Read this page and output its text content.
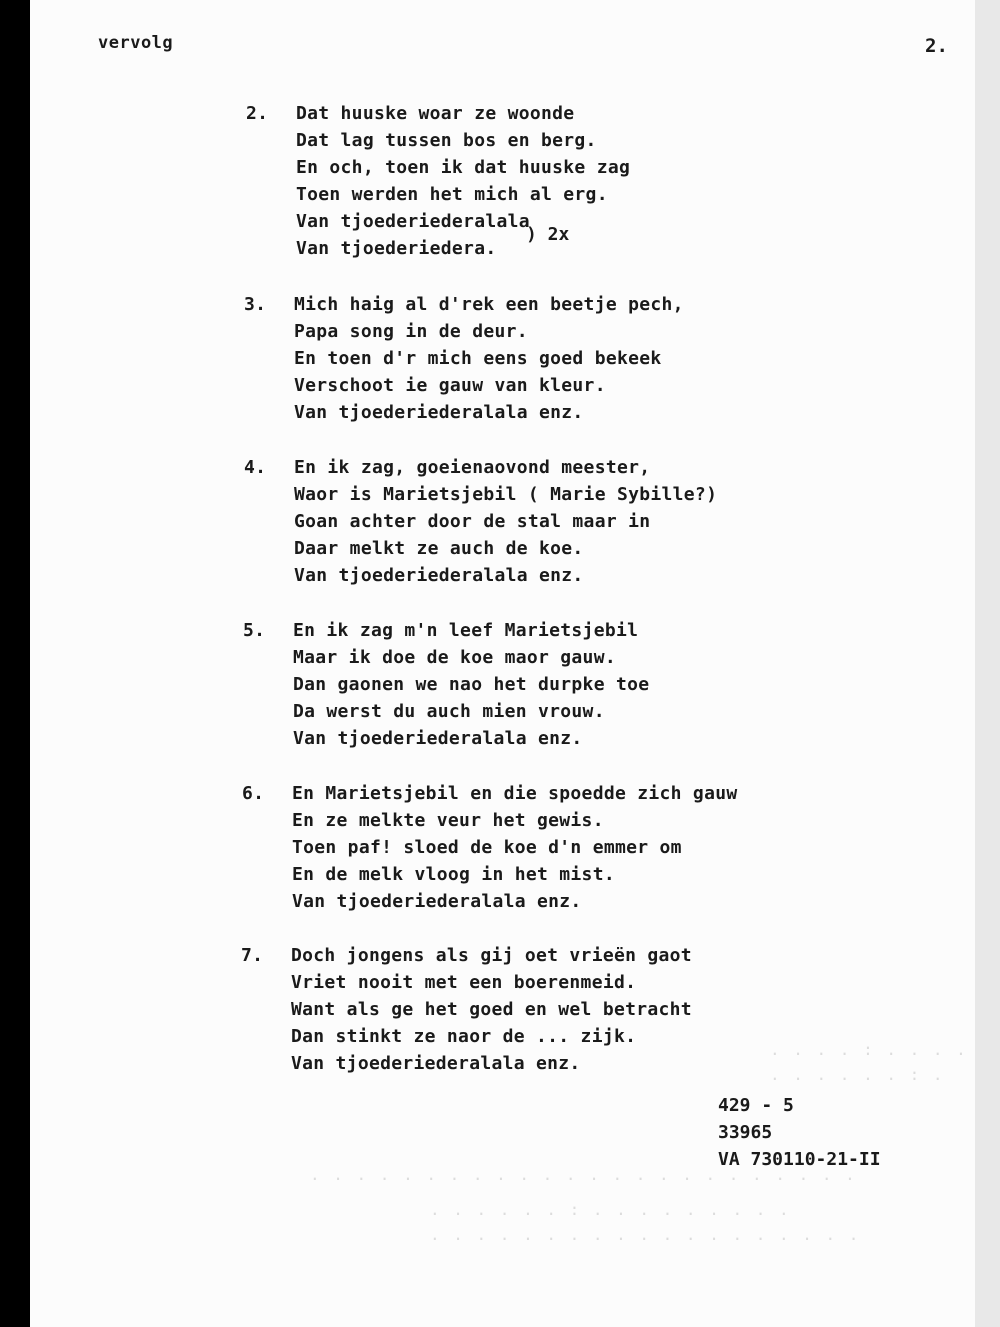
. . . . : . . . .
. . . . . . : .
. . . . . . . . . . . . . . . . . . . . . . . .
. . . . . . : . . . . . . . . .
. . . . . . . . . . . . . . . . . . .
vervolg	2.
2. Dat huuske woar ze woonde
Dat lag tussen bos en berg.
En och, toen ik dat huuske zag
Toen werden het mich al erg.
Van tjoederiederalala
Van tjoederiedera.
) 2x
3. Mich haig al d'rek een beetje pech,
Papa song in de deur.
En toen d'r mich eens goed bekeek
Verschoot ie gauw van kleur.
Van tjoederiederalala enz.
4. En ik zag, goeienaovond meester,
Waor is Marietsjebil ( Marie Sybille?)
Goan achter door de stal maar in
Daar melkt ze auch de koe.
Van tjoederiederalala enz.
5. En ik zag m'n leef Marietsjebil
Maar ik doe de koe maor gauw.
Dan gaonen we nao het durpke toe
Da werst du auch mien vrouw.
Van tjoederiederalala enz.
6. En Marietsjebil en die spoedde zich gauw
En ze melkte veur het gewis.
Toen paf! sloed de koe d'n emmer om
En de melk vloog in het mist.
Van tjoederiederalala enz.
7. Doch jongens als gij oet vrieën gaot
Vriet nooit met een boerenmeid.
Want als ge het goed en wel betracht
Dan stinkt ze naor de ... zijk.
Van tjoederiederalala enz.
429 - 5
33965
VA 730110-21-II
